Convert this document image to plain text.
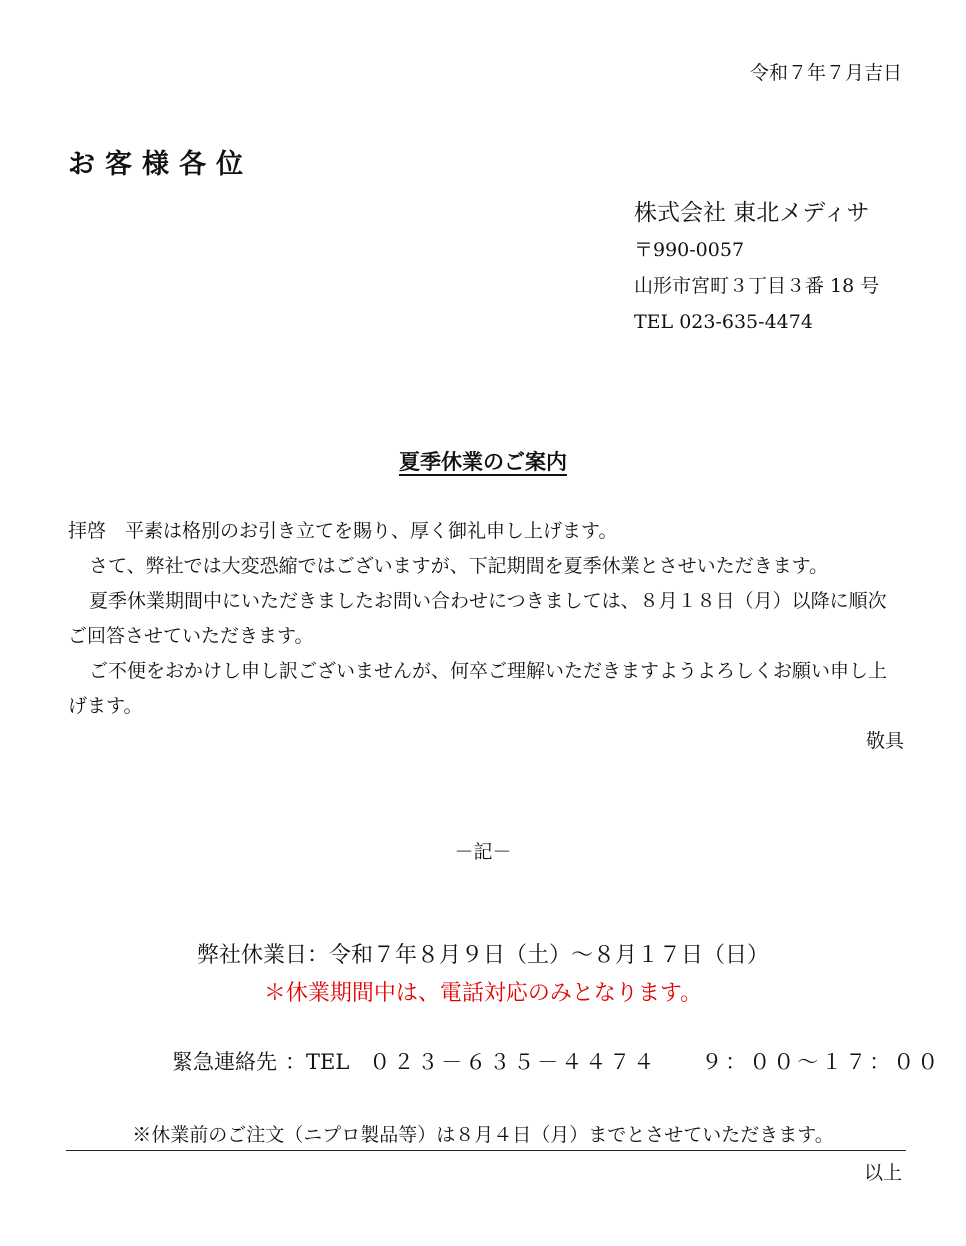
令和７年７月吉日
お客様各位
株式会社 東北メディサ
〒990-0057
山形市宮町３丁目３番 18 号
TEL 023-635-4474
夏季休業のご案内

拝啓　平素は格別のお引き立てを賜り、厚く御礼申し上げます。

さて、弊社では大変恐縮ではございますが、下記期間を夏季休業とさせいただきます。

夏季休業期間中にいただきましたお問い合わせにつきましては、８月１８日（月）以降に順次ご回答させていただきます。

ご不便をおかけし申し訳ございませんが、何卒ご理解いただきますようよろしくお願い申し上げます。

敬具

－記－
弊社休業日：令和７年８月９日（土）～８月１７日（日）
＊休業期間中は、電話対応のみとなります。
緊急連絡先 ：TEL ０２３－６３５－４４７４ ９：００～１７：００
※休業前のご注文（ニプロ製品等）は８月４日（月）までとさせていただきます。
以上
